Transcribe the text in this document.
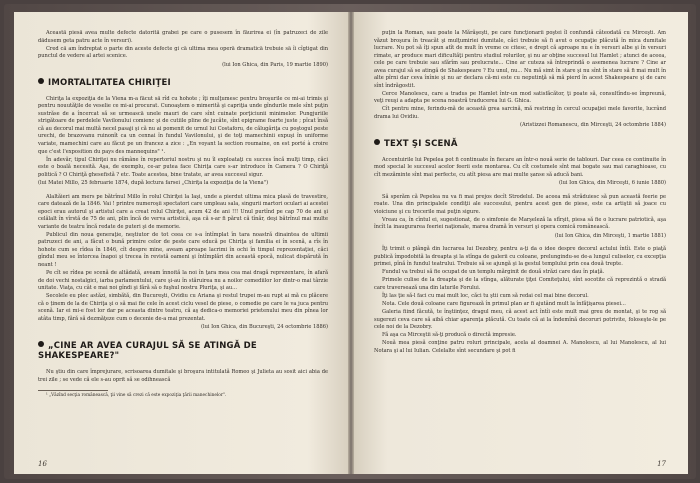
Aceastä piesä avea multe defecte datoritä grabei pe care o pusesem în fäurirea ei (în patruzeci de zile dädusem geta patru acte în versuri).

Cred cä am îndreptat o parte din aceste defecte gi cä ultima mea operä dramaticä trebuie sä îi cîgtigat din punctul de vedere al artei scenice.

(lui Ion Ghica, din Paris, 19 martie 1890)

IMORTALITATEA CHIRIŢEI

Chiriţa la expoziţia de la Viena m-a fäcut sä rîd cu hohote ; îţi mulţumesc pentru broşurile ce mi-ai trimis şi pentru nouutăţile de veselie ce mi-ai procurat. Cunoaştem o mimerită şi capriţia unde gîndurile mele sînt puţin sustrăse de a încercat să se urmeascä unele mauri de care sînt cuinate porţiciunii minimelor. Pungjuriile strigătoare de perdelele Vavilonului comienc şi de cutiile pline de jucăte, sînt epigrame foarte juste ; pîcat însă că au decorul mai multă necel pasaji şi că nu ai pomenit de urnul lui Costaforu, de călugăriţa cu poştogul peste urechi, de brazovanu ruinonît ca un cennai în fundul Vavilonului, şi de toţi mamechinii expuşi în uniforme variate, mamechini care au făcut pe un francez a zice : „En voyant la section roumaine, on est porté à croire que c'est l'exposition du pays des mannequins" ¹.

În adevăr, tipul Chiriţei nu rămâne în repertoriul nostru şi nu îl exploataţi cu succes încă mulţi timp, căci este o boală necesită. Aşa, de exemplu, ce-ar putea face Chiriţa care s-ar introduce în Camera ? O Chiriţă politică ? O Chiriţă ghesefistă ? etc. Toate acestea, bine tratate, ar avea succesul sigur.

(lui Matei Millo, 25 februarie 1874, după lectura farsei „Chiriţa la expoziţia de la Viena")

Alaltăieri am mers pe bătrînul Millo în rolul Chiriţei la Iaşi, unde a pierdut ultima mica plasă de travestire, care datează de la 1846. Vai ! printre numeroşii spectatori care umpleau sala, singurii martori oculari ai acestei epoci erau autorul şi artistul care a creat rolul Chiriţei, acum 42 de ani !!! Unul purtînd pe cap 70 de ani şi celălalt în vîrstă de 75 de ani, plin încă de verva artistică, aşa că s-ar fi părut că tînăr, deşi bătrînul mai multe variante de teatru încă redate de puteri şi de memorie.

Publicul din noua generaţie, neştiutor de tot ceea ce s-a întîmplat în tara noastră dinaintea de ultimii patruzeci de ani, a făcut o bună primire celor de peste care educă pe Chiriţa şi familia ei în scenă, a rîs în hohote cum se rîdea în 1846, cît despre mine, aveam aproape lacrimi în ochi în timpul reprezentaţiei, căci gîndul meu se întorcea înapoi şi trecea în revistă oameni şi întîmplări din această epocă, nulicat dispărută în neant !

Pe cît se rîdea pe scenă de altădată, aveam înnoită la noi în ţara mea cea mai dragă reprezentare, în afară de doi vechi nostalgici, iarba parlamentului, care şi-au în stăruirea nu a noilor comediilor lor dintr-o mai târzie unitate. Viaţa, cu cât e mai noi gîndi şi fără să o fuşhul nostru Pluriţa, şi au...

Secolele eu plec astăzi, simbătă, din Bucureşti, Ovidiu cu Ariana şi restul trupei m-au rupt ai mă cu plăcere că o ținem de la de Chiriţa şi o să mai fie cele în acest ciclu vesel de piese, o comedie pe care le va juca pentru scenă. Iar ei mi-e fost lor dar pe aceasta dintre teatru, că aş dedica-o memoriei prietenului meu din pînea lor atâta timp, fără să dezmăţeze cum o decenie de-a mai prezentat.

(lui Ion Ghica, din Bucureşti, 24 octombrie 1886)

„CINE AR AVEA CURAJUL SĂ SE ATINGĂ DE SHAKESPEARE?"

Nu ştiu din care împrejurare, scrisoarea dumitale şi broşura intitulată Romeo şi Julieta au sosit aici abia de trei zile ; se vede că ele s-au oprit să se odihnească

¹ „Văzînd secţia românească, ţii vine să crezi că este expoziţia ţării manechinelor".

16

puţin la Roman, sau poate la Mărăşeşti, pe care funcţionarii poştei îl confundă câteodată cu Mirceşti. Am văzut broşura în treacăt şi mulţumiriei dumitale, căci trebuie să fi avut o ocupaţie plăcută în mica dumitale lucrare. Nu pot să îţi spun atît de mult în vreme ce citesc, e drept că aproape nu e în versuri albe şi în versuri rimate, ar produce mari dificultăţi pentru studiul rolurilor, şi nu ar obţine succesul lui Hamlet ; atunci de aceea, cele pe care trebuie sau sfărîm sau prelucrate... Cine ar cuteza să întreprindă o asemenea lucrare ? Cine ar avea curajul să se atingă de Shakespeare ? Eu unul, nu... Nu mă simt în stare şi nu sînt în stare să fi mai mult în alte pîrni dar ceva înînie şi nu ar declara că-mi este cu neputinţă să mă pierd în acest Shakespeare şi de care sînt îndrăgostit.

Cerce Manolescu, care a tradus pe Hamlet într-un mod satisfăcător, ţi poate să, consultîndu-se împreună, veţi reuşi a adapta pe scena noastră traducerea lui G. Ghica.

Cît pentru mine, ferindu-mă de această grea sarcină, mă restring în cercul ocupaţiei mele favorite, lucrând drama lui Ovidiu.

(Aristizzei Romanescu, din Mirceşti, 24 octombrie 1884)

TEXT ŞI SCENĂ

Accentuirile lui Pepelea pot fi continuate în fiecare an într-o nouă serie de tablouri. Dar ceea ce continuite în mod special le succesul acelor feerii este montarea. Cu cît costumele sînt mai bogate sau mai caraghioase, cu cît mezăminte sînt mai perfecte, cu atît piesa are mai multe şanse să aducă bani.

(lui Ion Ghica, din Mirceşti, 6 iunie 1880)

Să sperăm că Pepelea nu va fi mai prejos decît Strodelul. De aceea mă străduiesc să pun această feerie pe roate. Una din principalele condiţii ale succesului, pentru acest gen de piese, este ca artiştii să joace cu vioiciune şi cu trecerile mai puţin sigure.

Vreau ca, în cîntul ei, sugestionat, de o simfonie de Marşeleză la sfîrşit, piesa să fie o lucrare patriotică, aşa încît la inaugurarea feeriei naţionale, marea dramă în versuri şi opera comică românească.

(lui Ion Ghica, din Mirceşti, 1 martie 1881)

Îţi trimit o plângă din lucrarea lui Dezobry, pentru a-ţi da o idee despre decorul actului întîi. Este o piaţă publică împodobită la dreapta şi la stînga de galerii cu coloane, prelungindu-se de-a lungul culiselor, cu excepţia primei, pînă în fundul teatrului. Trebuie să se ajungă şi la gestul templului prin cea două trepte.

Fundul va trebui să fie ocupat de un templu mărginit de două străzi care dau în piaţă.

Primele culise de la dreapta şi de la stînga, alăturate ţiţei Comiteţului, sînt socotite că reprezintă o stradă care traversează una din laturile Forului.

Îţi las ţie să-l faci cu mai mult loc, căci tu ştii cum să redai cel mai bine decorul.

Nota. Cele două coloane care figurează în primul plan ar fi ajutând mult la înfăţişarea piesei...

Galeria fiind făcută, te înştiinţez, dragul meu, că acest act întîi este mult mai greu de montat, şi te rog să sugerezi ceva care să aibă chiar aparenţa plăcută. Cu toate că ai la îndemînă decoruri potrivite, foloseşte-le pe cele noi de la Dezobry.

Fă aşa ca Mirceştii să-ţi producă o directă impresie.

Nouă mea piesă conţine patru roluri principale, acela al doamnei A. Manolescu, al lui Manolescu, al lui Notara şi al lui Iulian. Celelalte sînt secundare şi pot fi

17
